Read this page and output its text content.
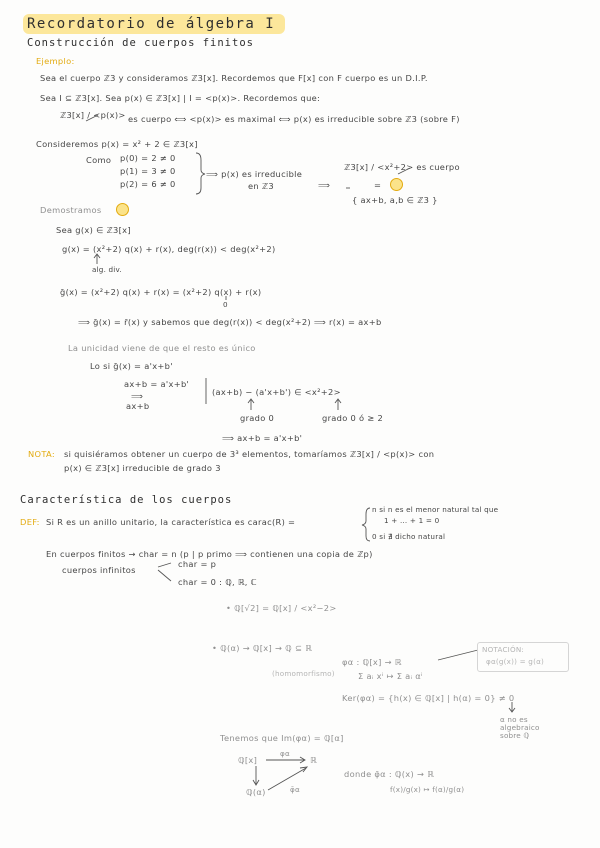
Recordatorio de álgebra I
Construcción de cuerpos finitos
Ejemplo:
Sea el cuerpo ℤ3 y consideramos ℤ3[x]. Recordemos que F[x] con F cuerpo es un D.I.P.
Sea I ⊆ ℤ3[x]. Sea p(x) ∈ ℤ3[x] | I = <p(x)>. Recordemos que:
ℤ3[x] / <p(x)> es cuerpo ⟺ <p(x)> es maximal ⟺ p(x) es irreducible sobre ℤ3 (sobre F)
Consideremos p(x) = x² + 2 ∈ ℤ3[x]
Como p(0) = 2 ≠ 0
p(1) = 3 ≠ 0
p(2) = 6 ≠ 0
⟹ p(x) es irreducible
en ℤ3	⟹
ℤ3[x] / <x²+2> es cuerpo
=
{ ax+b, a,b ∈ ℤ3 }
Demostramos
Sea g(x) ∈ ℤ3[x]
g(x) = (x²+2) q(x) + r(x), deg(r(x)) < deg(x²+2)
alg. div.
ḡ(x) = (x²+2) q(x) + r(x) = (x²+2) q(x) + r(x)
0
⟹ ḡ(x) = r̄(x) y sabemos que deg(r(x)) < deg(x²+2) ⟹ r(x) = ax+b
La unicidad viene de que el resto es único
Lo si ḡ(x) = a'x+b'
ax+b = a'x+b'
⟹
ax+b
(ax+b) − (a'x+b') ∈ <x²+2>
grado 0	grado 0 ó ≥ 2
⟹ ax+b = a'x+b'
NOTA: si quisiéramos obtener un cuerpo de 3³ elementos, tomaríamos ℤ3[x] / <p(x)> con
p(x) ∈ ℤ3[x] irreducible de grado 3
Característica de los cuerpos
DEF: Si R es un anillo unitario, la característica es carac(R) =
n si n es el menor natural tal que
1 + ... + 1 = 0
0 si ∄ dicho natural
En cuerpos finitos → char = n (p | p primo ⟹ contienen una copia de ℤp)
cuerpos infinitos
char = p
char = 0 : ℚ, ℝ, ℂ
• ℚ[√2] = ℚ[x] / <x²−2>
• ℚ(α) → ℚ[x] → ℚ ⊆ ℝ
φα : ℚ[x] → ℝ
(homomorfismo)	Σ aᵢ xⁱ ↦ Σ aᵢ αⁱ
NOTACIÓN:
φα(g(x)) = g(α)
Ker(φα) = {h(x) ∈ ℚ[x] | h(α) = 0} ≠ 0
α no es algebraico sobre ℚ
Tenemos que Im(φα) = ℚ[α]
ℚ[x]
φα
ℝ
ℚ(α)	φ̄α
donde φ̄α : ℚ(x) → ℝ
f(x)/g(x) ↦ f(α)/g(α)
